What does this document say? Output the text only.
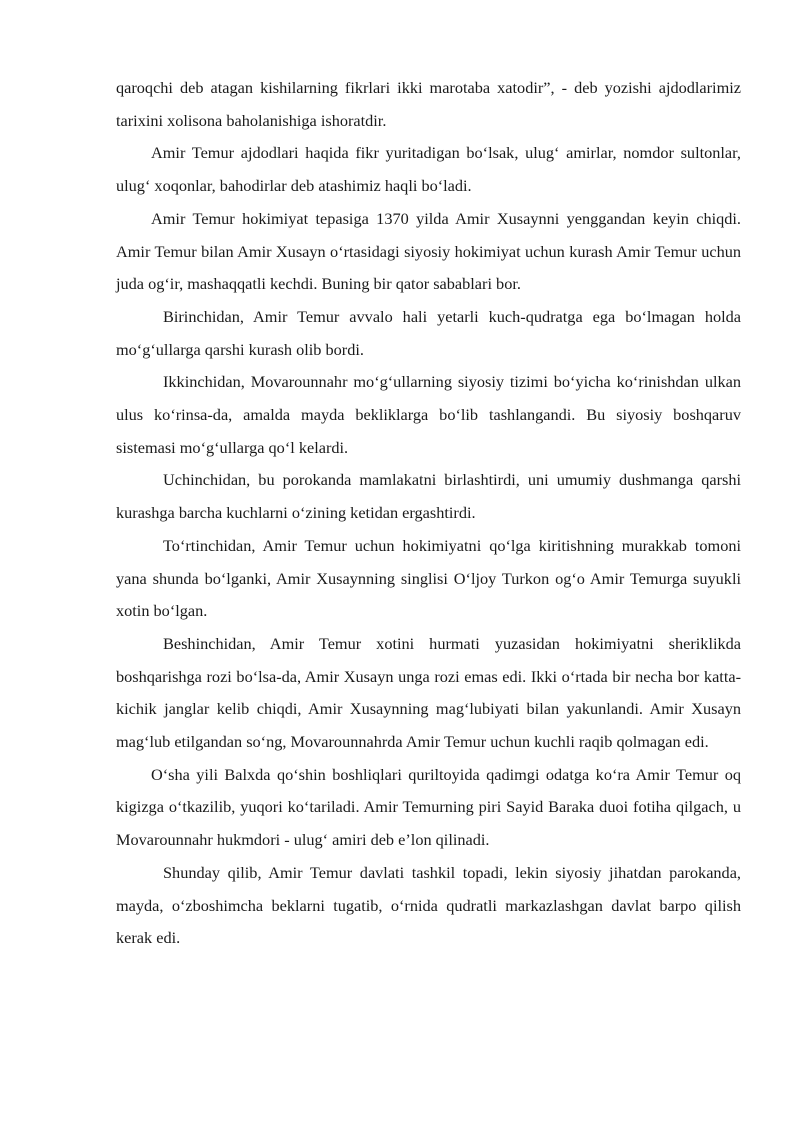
qaroqchi deb atagan kishilarning fikrlari ikki marotaba xatodir”, - deb yozishi ajdodlarimiz tarixini xolisona baholanishiga ishoratdir.

Amir Temur ajdodlari haqida fikr yuritadigan bo‘lsak, ulug‘ amirlar, nomdor sultonlar, ulug‘ xoqonlar, bahodirlar deb atashimiz haqli bo‘ladi.

Amir Temur hokimiyat tepasiga 1370 yilda Amir Xusaynni yenggandan keyin chiqdi. Amir Temur bilan Amir Xusayn o‘rtasidagi siyosiy hokimiyat uchun kurash Amir Temur uchun juda og‘ir, mashaqqatli kechdi. Buning bir qator sabablari bor.

Birinchidan, Amir Temur avvalo hali yetarli kuch-qudratga ega bo‘lmagan holda mo‘g‘ullarga qarshi kurash olib bordi.

Ikkinchidan, Movarounnahr mo‘g‘ullarning siyosiy tizimi bo‘yicha ko‘rinishdan ulkan ulus ko‘rinsa-da, amalda mayda bekliklarga bo‘lib tashlangandi. Bu siyosiy boshqaruv sistemasi mo‘g‘ullarga qo‘l kelardi.

Uchinchidan, bu porokanda mamlakatni birlashtirdi, uni umumiy dushmanga qarshi kurashga barcha kuchlarni o‘zining ketidan ergashtirdi.

To‘rtinchidan, Amir Temur uchun hokimiyatni qo‘lga kiritishning murakkab tomoni yana shunda bo‘lganki, Amir Xusaynning singlisi O‘ljoy Turkon og‘o Amir Temurga suyukli xotin bo‘lgan.

Beshinchidan, Amir Temur xotini hurmati yuzasidan hokimiyatni sheriklikda boshqarishga rozi bo‘lsa-da, Amir Xusayn unga rozi emas edi. Ikki o‘rtada bir necha bor katta-kichik janglar kelib chiqdi, Amir Xusaynning mag‘lubiyati bilan yakunlandi. Amir Xusayn mag‘lub etilgandan so‘ng, Movarounnahrda Amir Temur uchun kuchli raqib qolmagan edi.

O‘sha yili Balxda qo‘shin boshliqlari quriltoyida qadimgi odatga ko‘ra Amir Temur oq kigizga o‘tkazilib, yuqori ko‘tariladi. Amir Temurning piri Sayid Baraka duoi fotiha qilgach, u Movarounnahr hukmdori - ulug‘ amiri deb e’lon qilinadi.

Shunday qilib, Amir Temur davlati tashkil topadi, lekin siyosiy jihatdan parokanda, mayda, o‘zboshimcha beklarni tugatib, o‘rnida qudratli markazlashgan davlat barpo qilish kerak edi.
